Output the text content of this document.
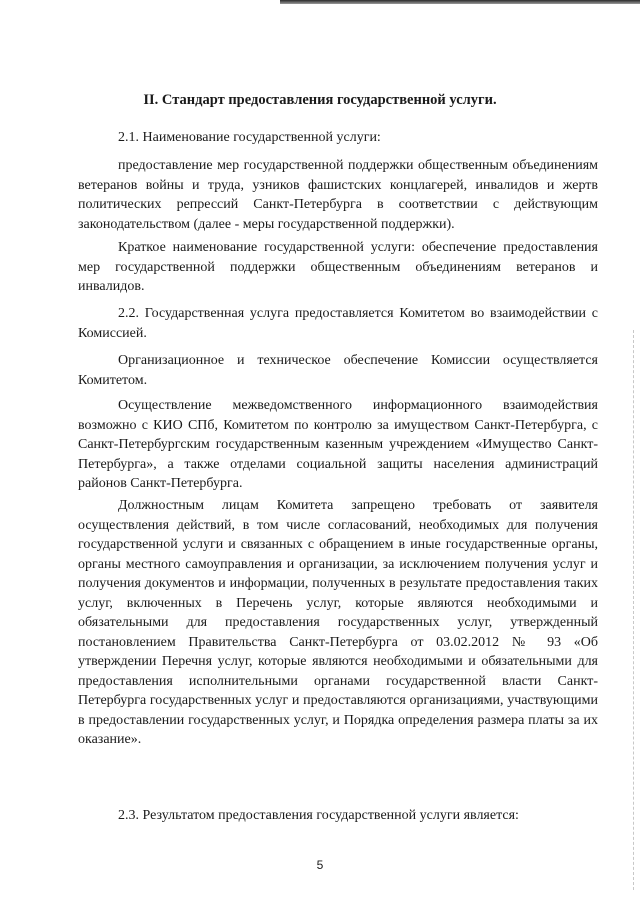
II. Стандарт предоставления государственной услуги.
2.1. Наименование государственной услуги:
предоставление мер государственной поддержки общественным объединениям ветеранов войны и труда, узников фашистских концлагерей, инвалидов и жертв политических репрессий Санкт-Петербурга в соответствии с действующим законодательством (далее - меры государственной поддержки).
Краткое наименование государственной услуги: обеспечение предоставления мер государственной поддержки общественным объединениям ветеранов и инвалидов.
2.2. Государственная услуга предоставляется Комитетом во взаимодействии с Комиссией.
Организационное и техническое обеспечение Комиссии осуществляется Комитетом.
Осуществление межведомственного информационного взаимодействия возможно с КИО СПб, Комитетом по контролю за имуществом Санкт-Петербурга, с Санкт-Петербургским государственным казенным учреждением «Имущество Санкт-Петербурга», а также отделами социальной защиты населения администраций районов Санкт-Петербурга.
Должностным лицам Комитета запрещено требовать от заявителя осуществления действий, в том числе согласований, необходимых для получения государственной услуги и связанных с обращением в иные государственные органы, органы местного самоуправления и организации, за исключением получения услуг и получения документов и информации, полученных в результате предоставления таких услуг, включенных в Перечень услуг, которые являются необходимыми и обязательными для предоставления государственных услуг, утвержденный постановлением Правительства Санкт-Петербурга от 03.02.2012 № 93 «Об утверждении Перечня услуг, которые являются необходимыми и обязательными для предоставления исполнительными органами государственной власти Санкт-Петербурга государственных услуг и предоставляются организациями, участвующими в предоставлении государственных услуг, и Порядка определения размера платы за их оказание».
2.3. Результатом предоставления государственной услуги является:
5
